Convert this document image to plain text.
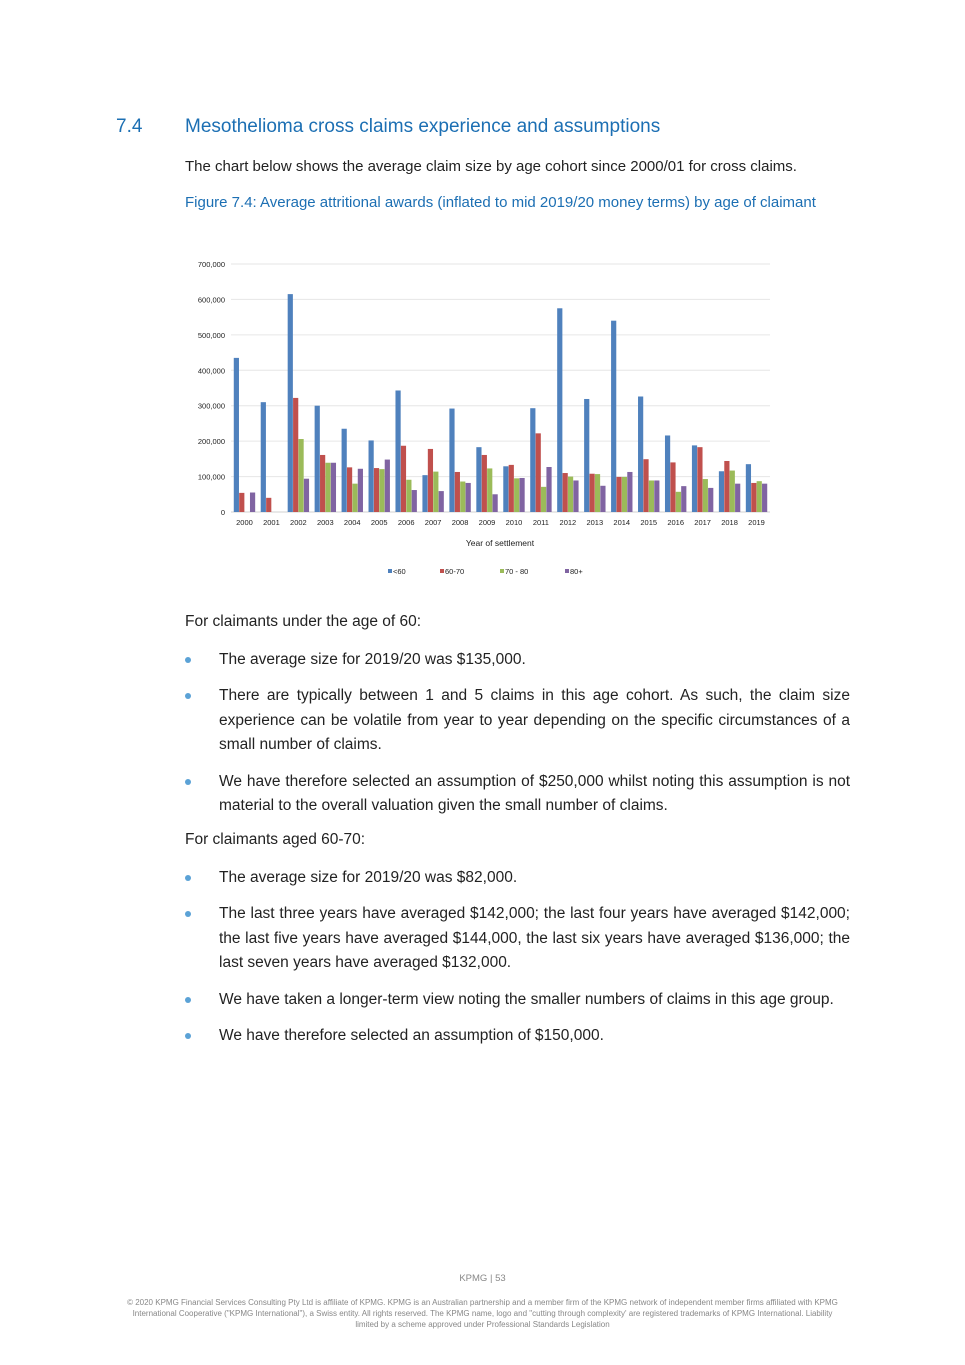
7.4 Mesothelioma cross claims experience and assumptions
The chart below shows the average claim size by age cohort since 2000/01 for cross claims.
Figure 7.4: Average attritional awards (inflated to mid 2019/20 money terms) by age of claimant
0
100,000
200,000
300,000
400,000
500,000
600,000
700,000
2000 2001 2002 2003 2004 2005 2006 2007 2008 2009 2010 2011 2012 2013 2014 2015 2016 2017 2018 2019
Year of settlement
<60	60-70	70 - 80	80+

For claimants under the age of 60:

The average size for 2019/20 was $135,000.
There are typically between 1 and 5 claims in this age cohort. As such, the claim size experience can be volatile from year to year depending on the specific circumstances of a small number of claims.
We have therefore selected an assumption of $250,000 whilst noting this assumption is not material to the overall valuation given the small number of claims.

For claimants aged 60-70:

The average size for 2019/20 was $82,000.
The last three years have averaged $142,000; the last four years have averaged $142,000; the last five years have averaged $144,000, the last six years have averaged $136,000; the last seven years have averaged $132,000.
We have taken a longer-term view noting the smaller numbers of claims in this age group.
We have therefore selected an assumption of $150,000.
KPMG | 53
© 2020 KPMG Financial Services Consulting Pty Ltd is affiliate of KPMG. KPMG is an Australian partnership and a member firm of the KPMG network of independent member firms affiliated with KPMG International Cooperative ("KPMG International"), a Swiss entity. All rights reserved. The KPMG name, logo and "cutting through complexity' are registered trademarks of KPMG International. Liability limited by a scheme approved under Professional Standards Legislation
